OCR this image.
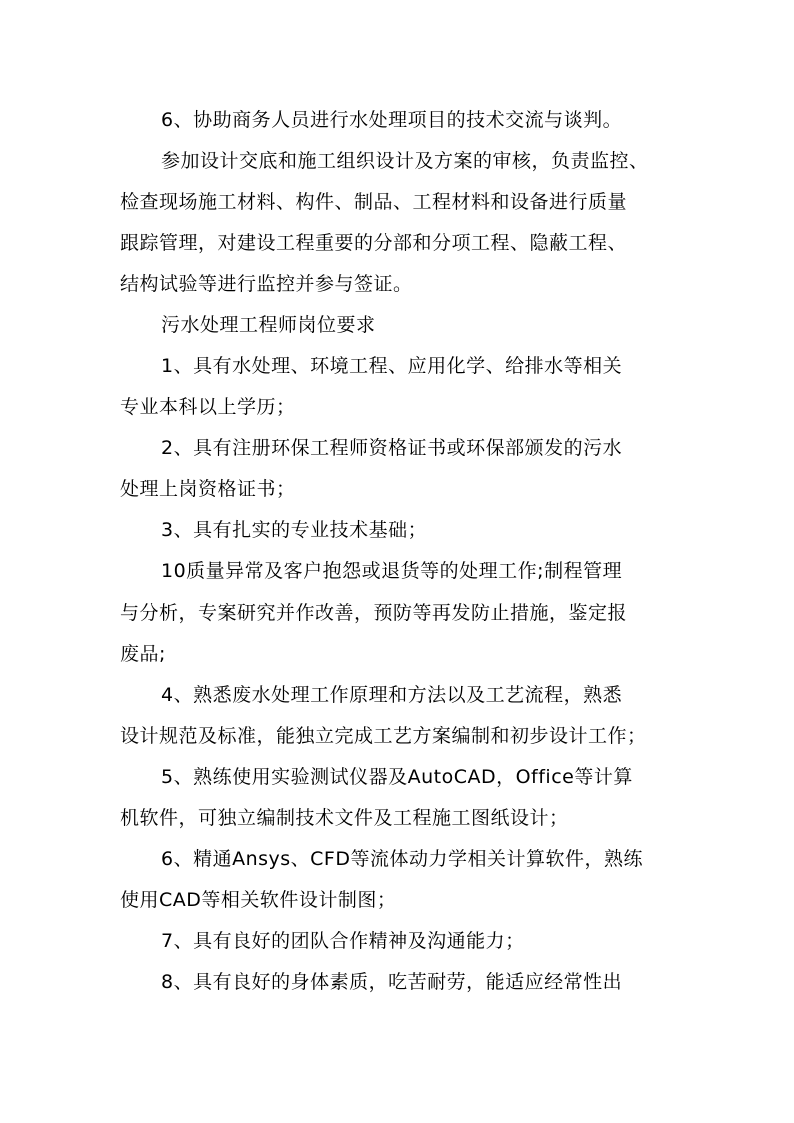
6、协助商务人员进行水处理项目的技术交流与谈判。
参加设计交底和施工组织设计及方案的审核，负责监控、
检查现场施工材料、构件、制品、工程材料和设备进行质量
跟踪管理，对建设工程重要的分部和分项工程、隐蔽工程、
结构试验等进行监控并参与签证。
污水处理工程师岗位要求
1、具有水处理、环境工程、应用化学、给排水等相关
专业本科以上学历；
2、具有注册环保工程师资格证书或环保部颁发的污水
处理上岗资格证书；
3、具有扎实的专业技术基础；
10质量异常及客户抱怨或退货等的处理工作;制程管理
与分析，专案研究并作改善，预防等再发防止措施，鉴定报
废品;
4、熟悉废水处理工作原理和方法以及工艺流程，熟悉
设计规范及标准，能独立完成工艺方案编制和初步设计工作；
5、熟练使用实验测试仪器及AutoCAD，Office等计算
机软件，可独立编制技术文件及工程施工图纸设计；
6、精通Ansys、CFD等流体动力学相关计算软件，熟练
使用CAD等相关软件设计制图；
7、具有良好的团队合作精神及沟通能力；
8、具有良好的身体素质，吃苦耐劳，能适应经常性出
